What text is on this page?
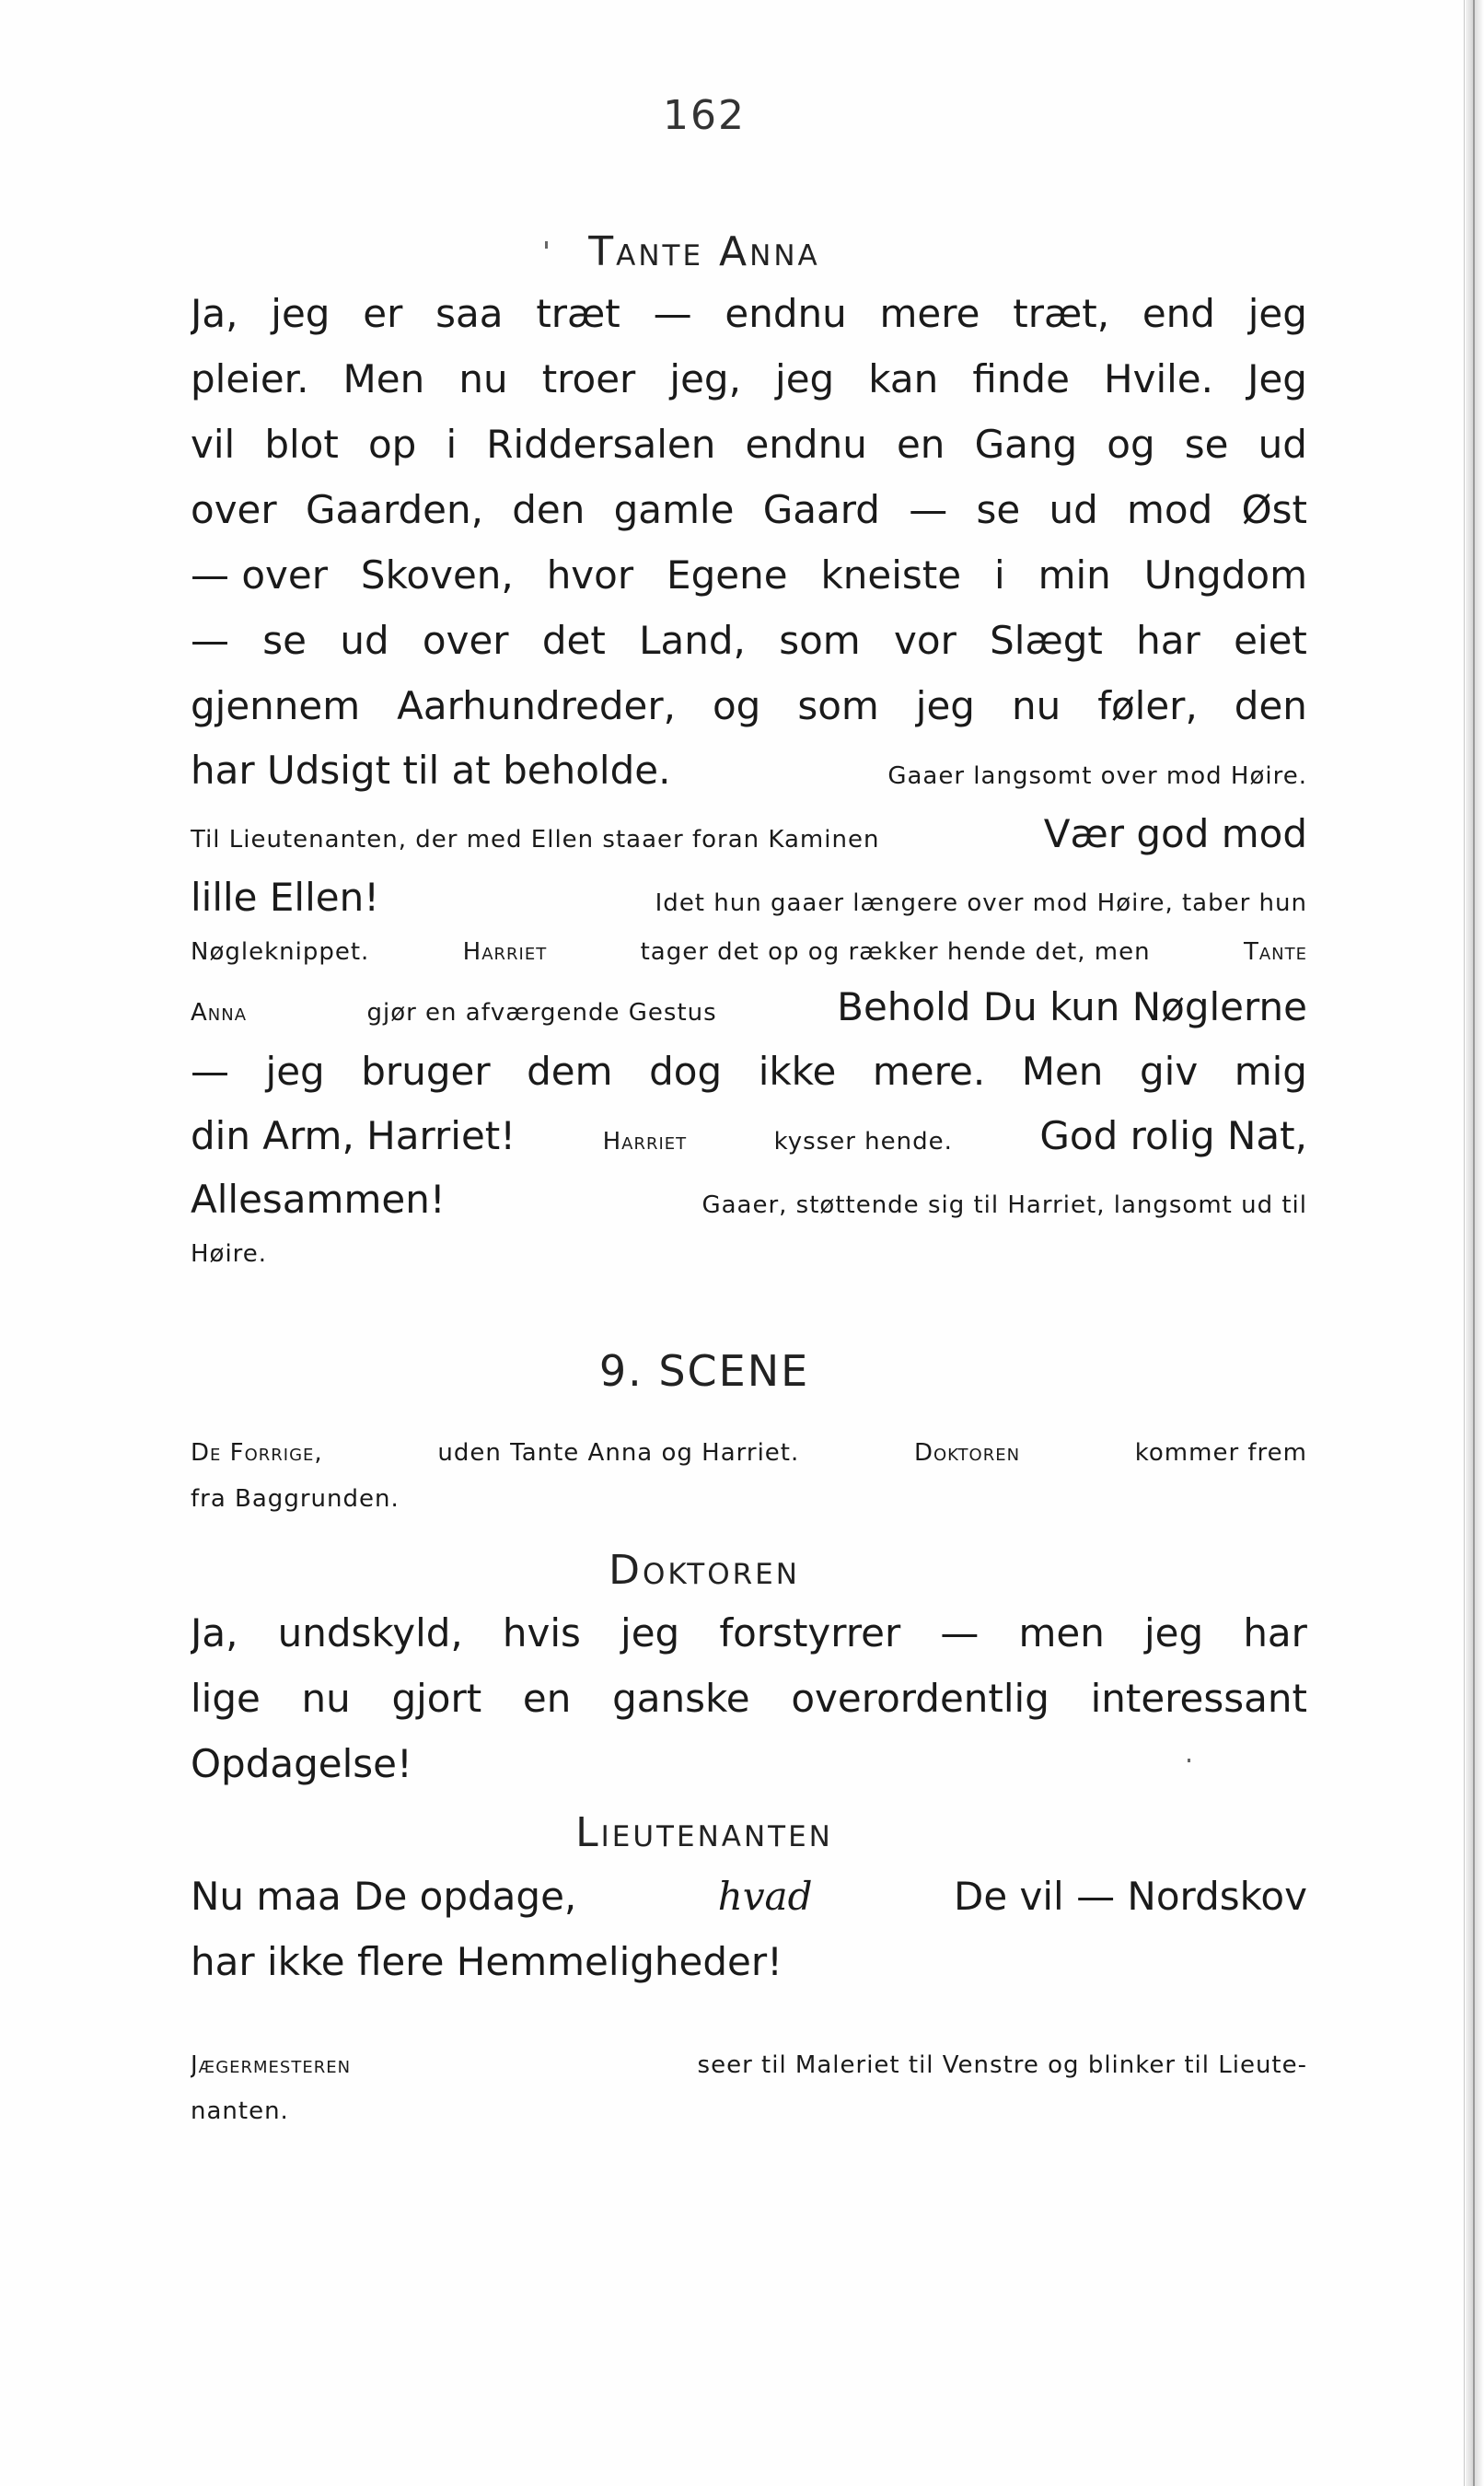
162
Tante Anna
Ja, jeg er saa træt — endnu mere træt, end jeg
pleier. Men nu troer jeg, jeg kan finde Hvile. Jeg
vil blot op i Riddersalen endnu en Gang og se ud
over Gaarden, den gamle Gaard — se ud mod Øst
— over Skoven, hvor Egene kneiste i min Ungdom
— se ud over det Land, som vor Slægt har eiet
gjennem Aarhundreder, og som jeg nu føler, den
har Udsigt til at beholde.	Gaaer langsomt over mod Høire.
Til Lieutenanten, der med Ellen staaer foran Kaminen	Vær god mod
lille Ellen!	Idet hun gaaer længere over mod Høire, taber hun
Nøgleknippet.	Harriet	tager det op og rækker hende det, men	Tante
Anna	gjør en afværgende Gestus	Behold Du kun Nøglerne
— jeg bruger dem dog ikke mere. Men giv mig
din Arm, Harriet!	Harriet	kysser hende. God rolig Nat,
Allesammen!	Gaaer, støttende sig til Harriet, langsomt ud til
Høire.
9. SCENE
De Forrige,	uden Tante Anna og Harriet.	Doktoren	kommer frem
fra Baggrunden.
Doktoren
Ja, undskyld, hvis jeg forstyrrer — men jeg har
lige nu gjort en ganske overordentlig interessant
Opdagelse!
Lieutenanten
Nu maa De opdage,	hvad	De vil — Nordskov
har ikke flere Hemmeligheder!
Jægermesteren	seer til Maleriet til Venstre og blinker til Lieute-
nanten.
